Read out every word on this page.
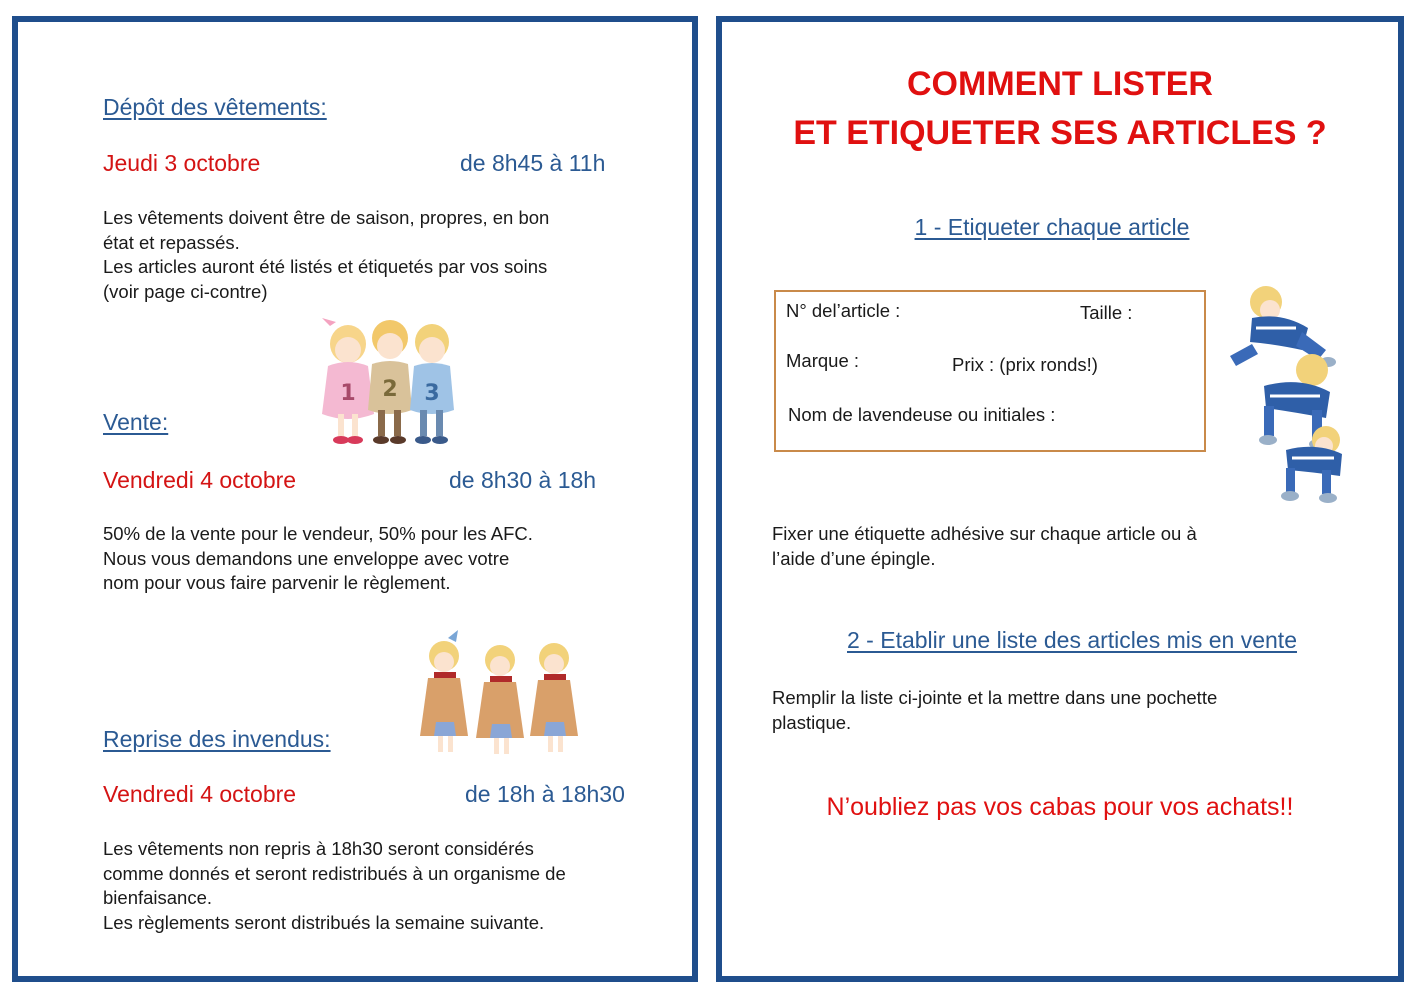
Dépôt des vêtements:
Jeudi 3 octobre	de 8h45 à 11h
Les vêtements doivent être de saison, propres, en bon
état et repassés.
Les articles auront été listés et étiquetés par vos soins
(voir page ci-contre)
1 2 3
Vente:
Vendredi 4 octobre	de 8h30 à 18h
50% de la vente pour le vendeur, 50% pour les AFC.
Nous vous demandons une enveloppe avec votre
nom pour vous faire parvenir le règlement.
Reprise des invendus:
Vendredi 4 octobre	de 18h à 18h30
Les vêtements non repris à 18h30 seront considérés
comme donnés et seront redistribués à un organisme de
bienfaisance.
Les règlements seront distribués la semaine suivante.
COMMENT LISTER
ET ETIQUETER SES ARTICLES ?
1 - Etiqueter chaque article
N° del’article :	Taille :
Marque :	Prix : (prix ronds!)
Nom de lavendeuse ou initiales :
Fixer une étiquette adhésive sur chaque article ou à
l’aide d’une épingle.
2 - Etablir une liste des articles mis en vente
Remplir la liste ci-jointe et la mettre dans une pochette
plastique.
N’oubliez pas vos cabas pour vos achats!!
